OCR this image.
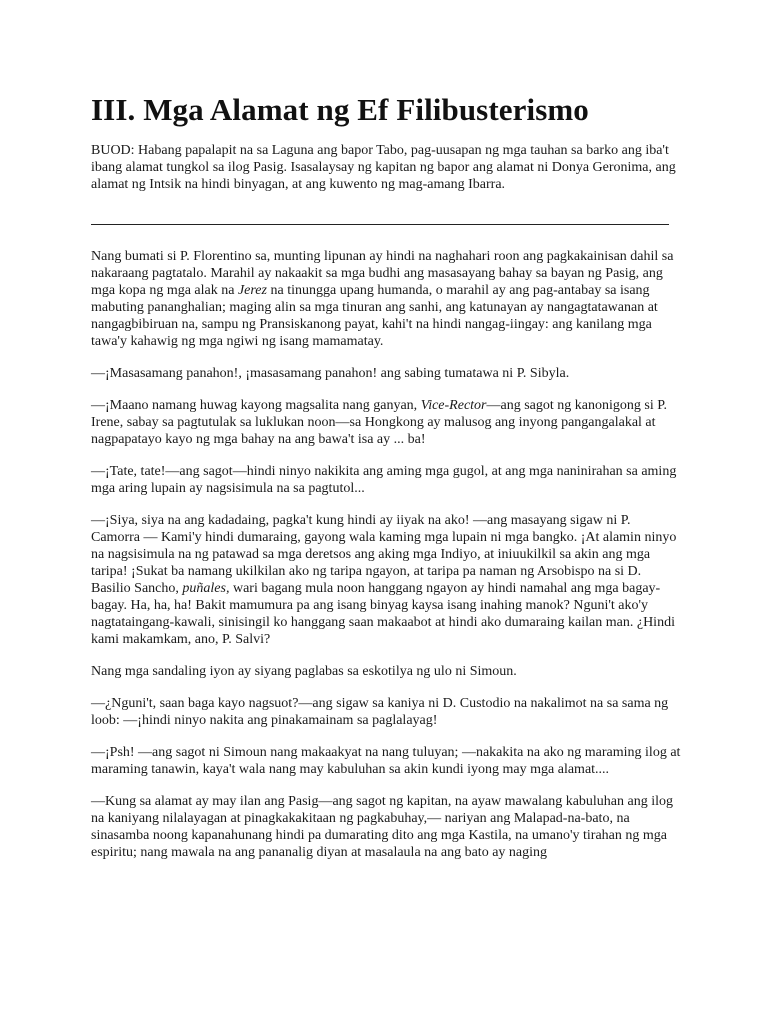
III. Mga Alamat ng Ef Filibusterismo

BUOD: Habang papalapit na sa Laguna ang bapor Tabo, pag-uusapan ng mga tauhan sa barko ang iba't ibang alamat tungkol sa ilog Pasig. Isasalaysay ng kapitan ng bapor ang alamat ni Donya Geronima, ang alamat ng Intsik na hindi binyagan, at ang kuwento ng mag-amang Ibarra.

Nang bumati si P. Florentino sa, munting lipunan ay hindi na naghahari roon ang pagkakainisan dahil sa nakaraang pagtatalo. Marahil ay nakaakit sa mga budhi ang masasayang bahay sa bayan ng Pasig, ang mga kopa ng mga alak na Jerez na tinungga upang humanda, o marahil ay ang pag-antabay sa isang mabuting pananghalian; maging alin sa mga tinuran ang sanhi, ang katunayan ay nangagtatawanan at nangagbibiruan na, sampu ng Pransiskanong payat, kahi't na hindi nangag-iingay: ang kanilang mga tawa'y kahawig ng mga ngiwi ng isang mamamatay.

—¡Masasamang panahon!, ¡masasamang panahon! ang sabing tumatawa ni P. Sibyla.

—¡Maano namang huwag kayong magsalita nang ganyan, Vice-Rector—ang sagot ng kanonigong si P. Irene, sabay sa pagtutulak sa luklukan noon—sa Hongkong ay malusog ang inyong pangangalakal at nagpapatayo kayo ng mga bahay na ang bawa't isa ay ... ba!

—¡Tate, tate!—ang sagot—hindi ninyo nakikita ang aming mga gugol, at ang mga naninirahan sa aming mga aring lupain ay nagsisimula na sa pagtutol...

—¡Siya, siya na ang kadadaing, pagka't kung hindi ay iiyak na ako! —ang masayang sigaw ni P. Camorra — Kami'y hindi dumaraing, gayong wala kaming mga lupain ni mga bangko. ¡At alamin ninyo na nagsisimula na ng patawad sa mga deretsos ang aking mga Indiyo, at iniuukilkil sa akin ang mga taripa! ¡Sukat ba namang ukilkilan ako ng taripa ngayon, at taripa pa naman ng Arsobispo na si D. Basilio Sancho, puñales, wari bagang mula noon hanggang ngayon ay hindi namahal ang mga bagay-bagay. Ha, ha, ha! Bakit mamumura pa ang isang binyag kaysa isang inahing manok? Nguni't ako'y nagtataingang-kawali, sinisingil ko hanggang saan makaabot at hindi ako dumaraing kailan man. ¿Hindi kami makamkam, ano, P. Salvi?

Nang mga sandaling iyon ay siyang paglabas sa eskotilya ng ulo ni Simoun.

—¿Nguni't, saan baga kayo nagsuot?—ang sigaw sa kaniya ni D. Custodio na nakalimot na sa sama ng loob: —¡hindi ninyo nakita ang pinakamainam sa paglalayag!

—¡Psh! —ang sagot ni Simoun nang makaakyat na nang tuluyan; —nakakita na ako ng maraming ilog at maraming tanawin, kaya't wala nang may kabuluhan sa akin kundi iyong may mga alamat....

—Kung sa alamat ay may ilan ang Pasig—ang sagot ng kapitan, na ayaw mawalang kabuluhan ang ilog na kaniyang nilalayagan at pinagkakakitaan ng pagkabuhay,— nariyan ang Malapad-na-bato, na sinasamba noong kapanahunang hindi pa dumarating dito ang mga Kastila, na umano'y tirahan ng mga espiritu; nang mawala na ang pananalig diyan at masalaula na ang bato ay naging
